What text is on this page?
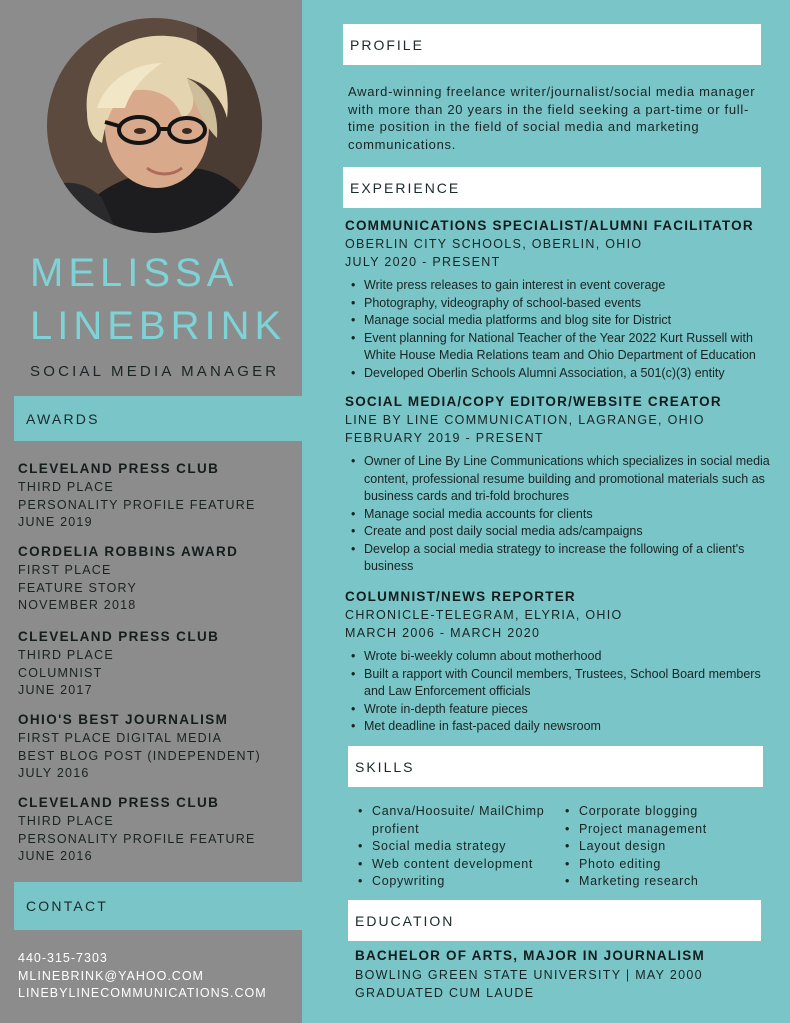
MELISSA
LINEBRINK
SOCIAL MEDIA MANAGER
AWARDS
CLEVELAND PRESS CLUB
THIRD PLACE
PERSONALITY PROFILE FEATURE
JUNE 2019
CORDELIA ROBBINS AWARD
FIRST PLACE
FEATURE STORY
NOVEMBER 2018
CLEVELAND PRESS CLUB
THIRD PLACE
COLUMNIST
JUNE 2017
OHIO'S BEST JOURNALISM
FIRST PLACE DIGITAL MEDIA
BEST BLOG POST (INDEPENDENT)
JULY 2016
CLEVELAND PRESS CLUB
THIRD PLACE
PERSONALITY PROFILE FEATURE
JUNE 2016
CONTACT
440-315-7303
MLINEBRINK@YAHOO.COM
LINEBYLINECOMMUNICATIONS.COM
PROFILE
Award-winning freelance writer/journalist/social media manager with more than 20 years in the field seeking a part-time or full-time position in the field of social media and marketing communications.
EXPERIENCE
COMMUNICATIONS SPECIALIST/ALUMNI FACILITATOR
OBERLIN CITY SCHOOLS, OBERLIN, OHIO
JULY 2020 - PRESENT
• Write press releases to gain interest in event coverage
• Photography, videography of school-based events
• Manage social media platforms and blog site for District
• Event planning for National Teacher of the Year 2022 Kurt Russell with White House Media Relations team and Ohio Department of Education
• Developed Oberlin Schools Alumni Association, a 501(c)(3) entity
SOCIAL MEDIA/COPY EDITOR/WEBSITE CREATOR
LINE BY LINE COMMUNICATION, LAGRANGE, OHIO
FEBRUARY 2019 - PRESENT
• Owner of Line By Line Communications which specializes in social media content, professional resume building and promotional materials such as business cards and tri-fold brochures
• Manage social media accounts for clients
• Create and post daily social media ads/campaigns
• Develop a social media strategy to increase the following of a client's business
COLUMNIST/NEWS REPORTER
CHRONICLE-TELEGRAM, ELYRIA, OHIO
MARCH 2006 - MARCH 2020
• Wrote bi-weekly column about motherhood
• Built a rapport with Council members, Trustees, School Board members and Law Enforcement officials
• Wrote in-depth feature pieces
• Met deadline in fast-paced daily newsroom
SKILLS
• Canva/Hoosuite/ MailChimp profient
• Social media strategy
• Web content development
• Copywriting
• Corporate blogging
• Project management
• Layout design
• Photo editing
• Marketing research
EDUCATION
BACHELOR OF ARTS, MAJOR IN JOURNALISM
BOWLING GREEN STATE UNIVERSITY | MAY 2000
GRADUATED CUM LAUDE
